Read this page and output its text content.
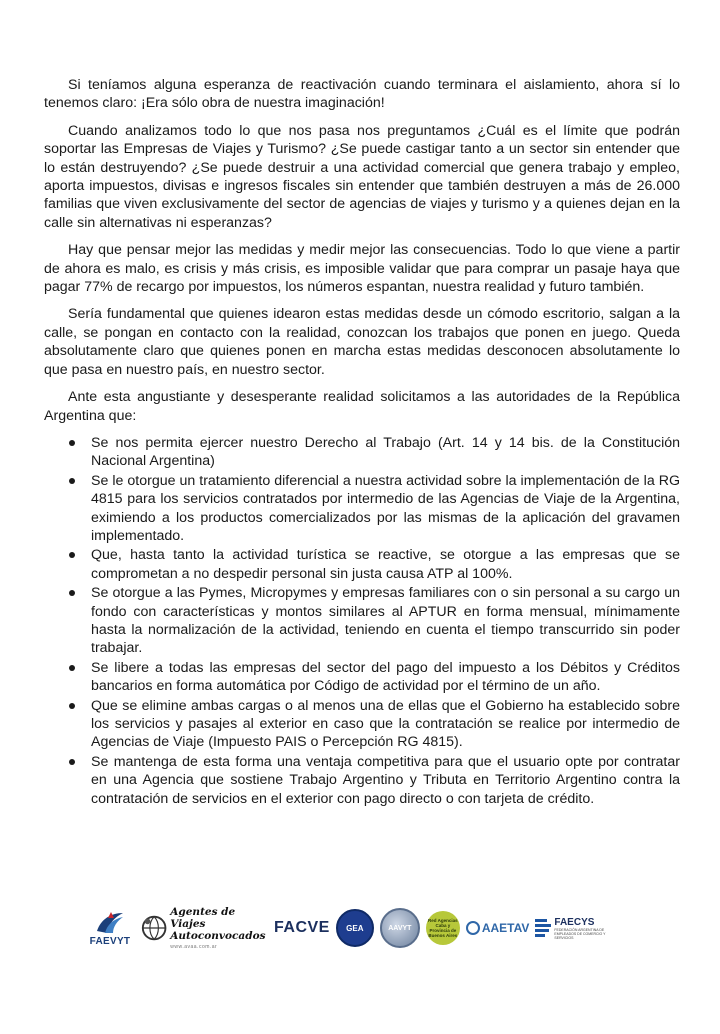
Si teníamos alguna esperanza de reactivación cuando terminara el aislamiento, ahora sí lo tenemos claro: ¡Era sólo obra de nuestra imaginación!

Cuando analizamos todo lo que nos pasa nos preguntamos ¿Cuál es el límite que podrán soportar las Empresas de Viajes y Turismo? ¿Se puede castigar tanto a un sector sin entender que lo están destruyendo? ¿Se puede destruir a una actividad comercial que genera trabajo y empleo, aporta impuestos, divisas e ingresos fiscales sin entender que también destruyen a más de 26.000 familias que viven exclusivamente del sector de agencias de viajes y turismo y a quienes dejan en la calle sin alternativas ni esperanzas?

Hay que pensar mejor las medidas y medir mejor las consecuencias. Todo lo que viene a partir de ahora es malo, es crisis y más crisis, es imposible validar que para comprar un pasaje haya que pagar 77% de recargo por impuestos, los números espantan, nuestra realidad y futuro también.

Sería fundamental que quienes idearon estas medidas desde un cómodo escritorio, salgan a la calle, se pongan en contacto con la realidad, conozcan los trabajos que ponen en juego. Queda absolutamente claro que quienes ponen en marcha estas medidas desconocen absolutamente lo que pasa en nuestro país, en nuestro sector.

Ante esta angustiante y desesperante realidad solicitamos a las autoridades de la República Argentina que:

Se nos permita ejercer nuestro Derecho al Trabajo (Art. 14 y 14 bis. de la Constitución Nacional Argentina)
Se le otorgue un tratamiento diferencial a nuestra actividad sobre la implementación de la RG 4815 para los servicios contratados por intermedio de las Agencias de Viaje de la Argentina, eximiendo a los productos comercializados por las mismas de la aplicación del gravamen implementado.
Que, hasta tanto la actividad turística se reactive, se otorgue a las empresas que se comprometan a no despedir personal sin justa causa ATP al 100%.
Se otorgue a las Pymes, Micropymes y empresas familiares con o sin personal a su cargo un fondo con características y montos similares al APTUR en forma mensual, mínimamente hasta la normalización de la actividad, teniendo en cuenta el tiempo transcurrido sin poder trabajar.
Se libere a todas las empresas del sector del pago del impuesto a los Débitos y Créditos bancarios en forma automática por Código de actividad por el término de un año.
Que se elimine ambas cargas o al menos una de ellas que el Gobierno ha establecido sobre los servicios y pasajes al exterior en caso que la contratación se realice por intermedio de Agencias de Viaje (Impuesto PAIS o Percepción RG 4815).
Se mantenga de esta forma una ventaja competitiva para que el usuario opte por contratar en una Agencia que sostiene Trabajo Argentino y Tributa en Territorio Argentino contra la contratación de servicios en el exterior con pago directo o con tarjeta de crédito.
FAEVYT
Agentes de Viajes
Autoconvocados
www.avaa.com.ar
FACVE	GEA	AAVYT
Red Agencias Caba y Provincia de Buenos Aires
AAETAV	FAECYS
FEDERACIÓN ARGENTINA DE EMPLEADOS DE COMERCIO Y SERVICIOS
